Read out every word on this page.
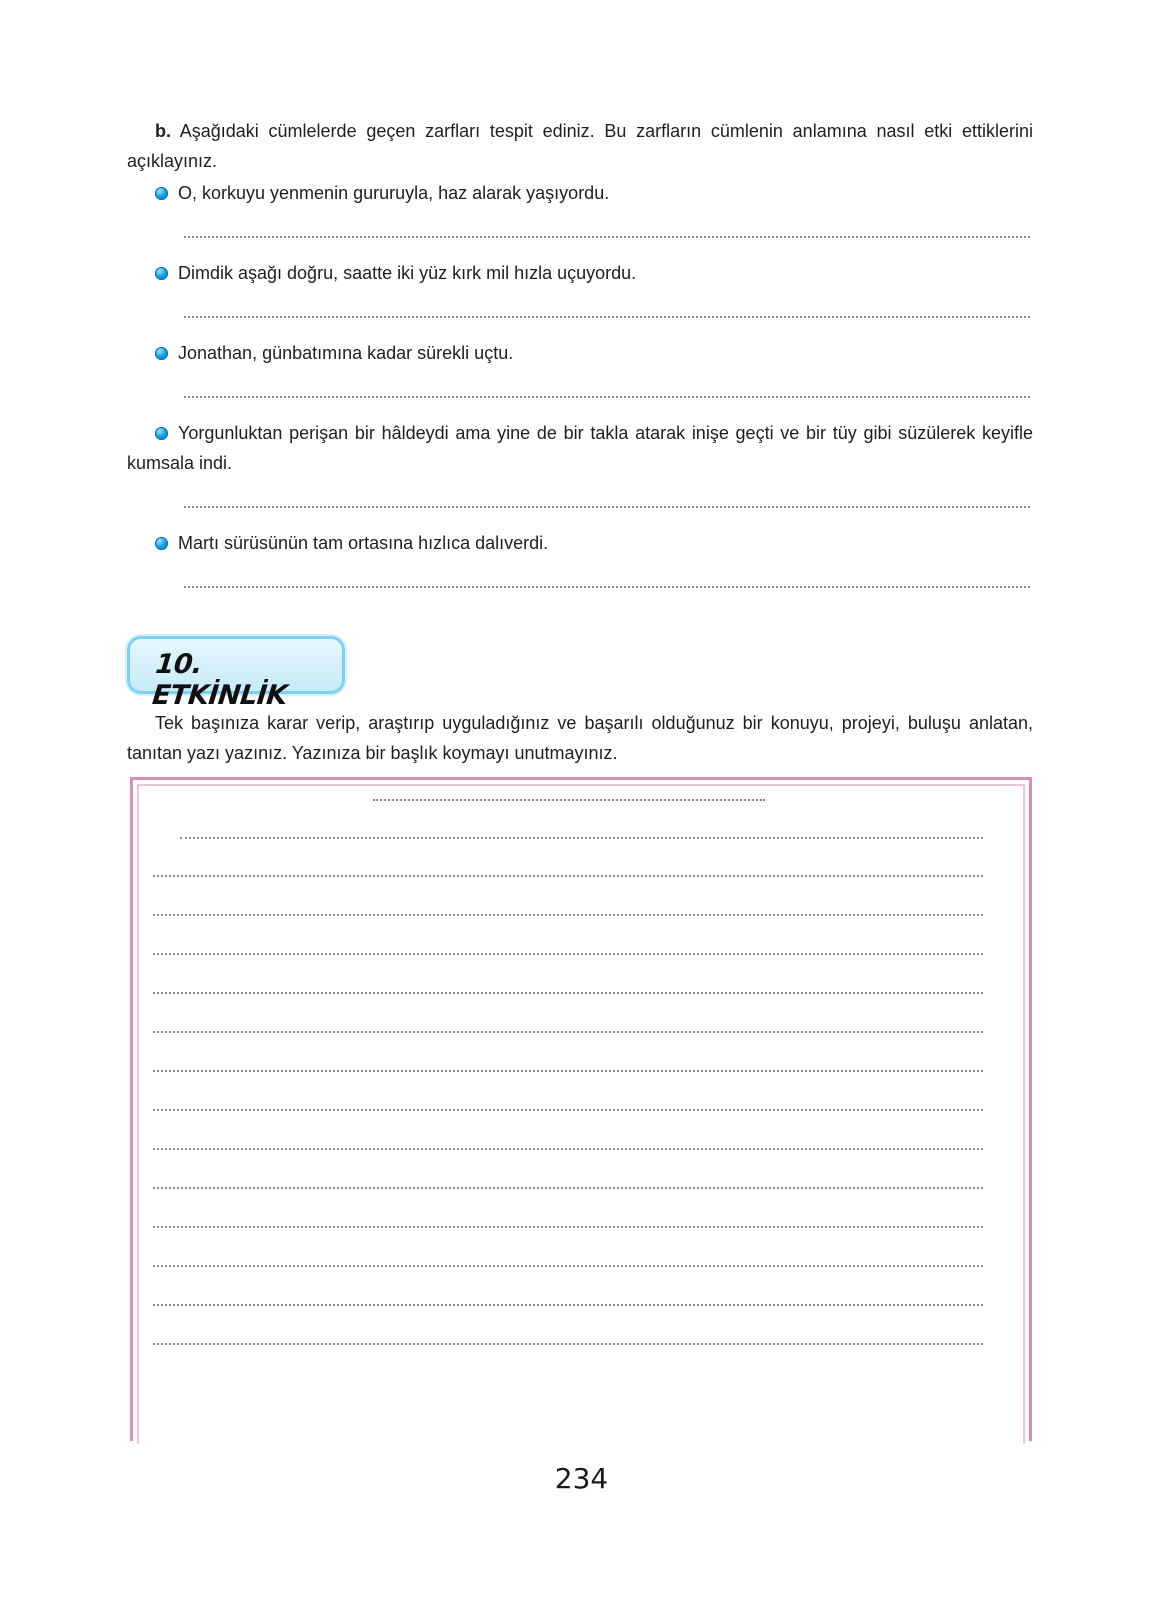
b. Aşağıdaki cümlelerde geçen zarfları tespit ediniz. Bu zarfların cümlenin anlamına nasıl etki ettiklerini açıklayınız.

O, korkuyu yenmenin gururuyla, haz alarak yaşıyordu.

Dimdik aşağı doğru, saatte iki yüz kırk mil hızla uçuyordu.

Jonathan, günbatımına kadar sürekli uçtu.

Yorgunluktan perişan bir hâldeydi ama yine de bir takla atarak inişe geçti ve bir tüy gibi süzülerek keyifle kumsala indi.

Martı sürüsünün tam ortasına hızlıca dalıverdi.

10. ETKİNLİK
Tek başınıza karar verip, araştırıp uyguladığınız ve başarılı olduğunuz bir konuyu, projeyi, buluşu anlatan, tanıtan yazı yazınız. Yazınıza bir başlık koymayı unutmayınız.
234
